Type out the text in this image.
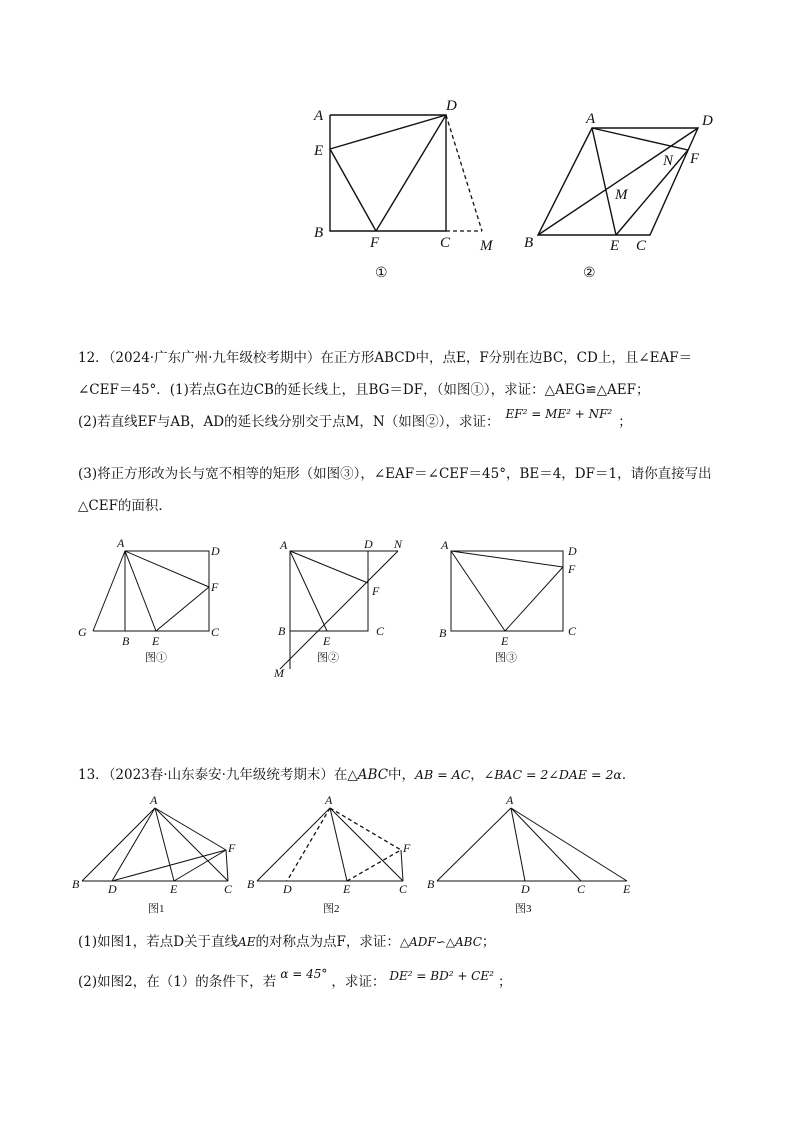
A
D
E
B
F	C M
①
A	D
N F
M
B	E C
②
12．（2024·广东广州·九年级校考期中）在正方形ABCD中，点E，F分别在边BC，CD上，且∠EAF＝
∠CEF＝45°．(1)若点G在边CB的延长线上，且BG＝DF，（如图①），求证：△AEG≌△AEF；
(2)若直线EF与AB，AD的延长线分别交于点M，N（如图②），求证： EF² = ME² + NF² ；
(3)将正方形改为长与宽不相等的矩形（如图③），∠EAF＝∠CEF＝45°，BE＝4，DF＝1，请你直接写出
△CEF的面积．
A
D
F
G
B E
C
图①
A	D N
F
B
E
C
M
图②
A	D
F
B
E
C
图③
13．（2023春·山东泰安·九年级统考期末）在△ABC中，AB = AC，∠BAC = 2∠DAE = 2α．
A
F
B D	E	C
图1
A
F
B D	E	C
图2
A
B	D	C	E
图3
(1)如图1，若点D关于直线AE的对称点为点F，求证：△ADF∽△ABC；
(2)如图2，在（1）的条件下，若 α = 45° ，求证： DE² = BD² + CE² ；
